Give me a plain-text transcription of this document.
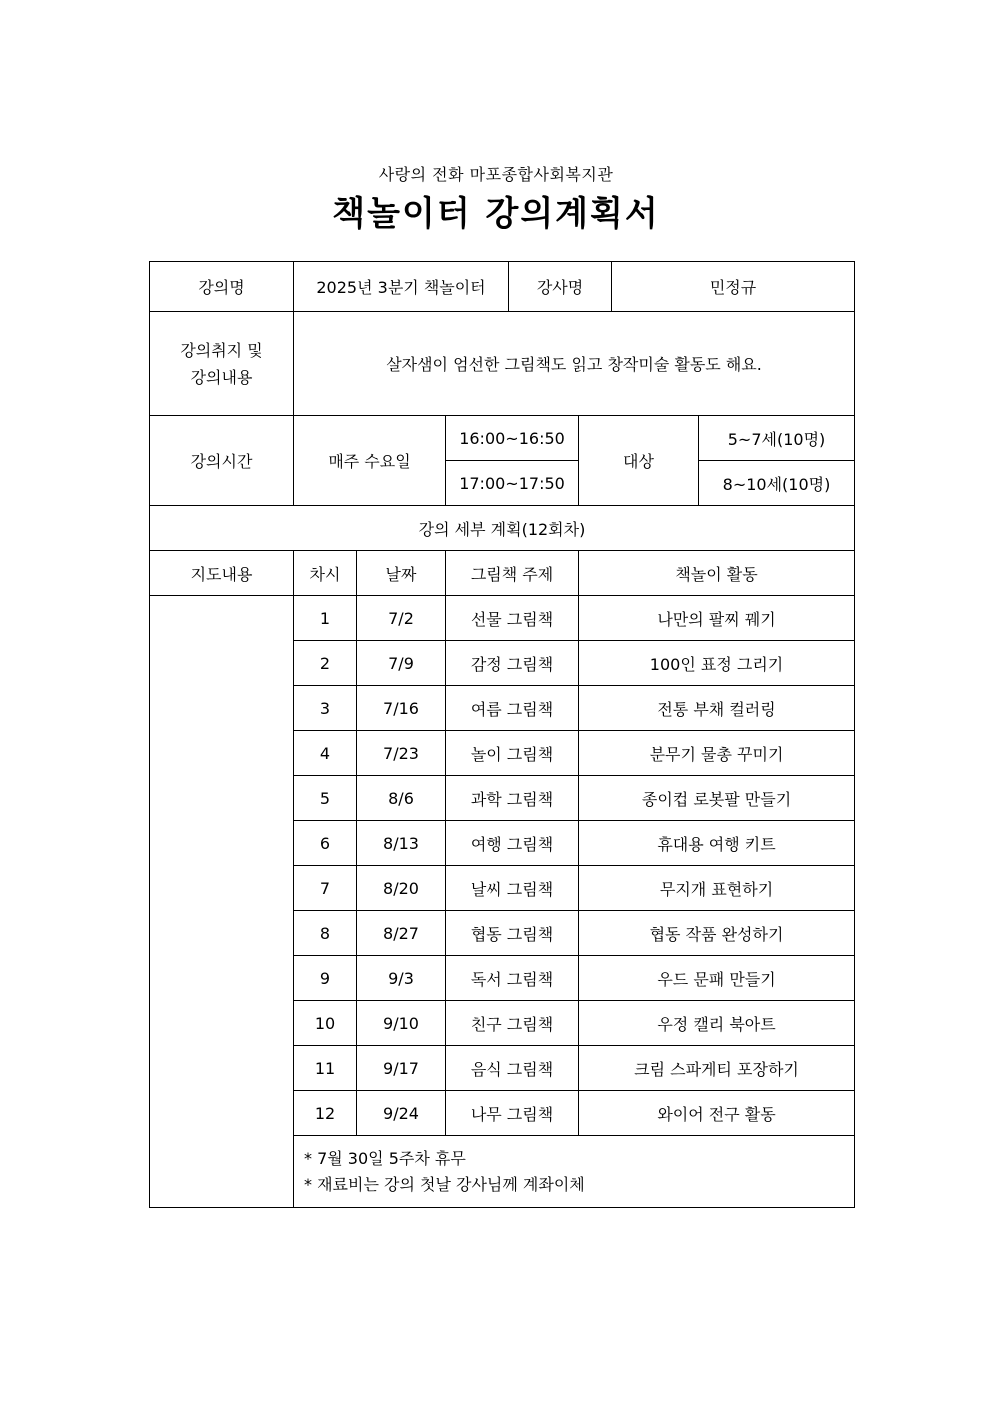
사랑의 전화 마포종합사회복지관
책놀이터 강의계획서
강의명	2025년 3분기 책놀이터			강사명		민정규	

강의취지 및
강의내용	살자샘이 엄선한 그림책도 읽고 창작미술 활동도 해요.						
강의시간	매주 수요일		16:00~16:50		대상		5~7세(10명)
			17:00~17:50				8~10세(10명)
강의 세부 계획(12회차)							
지도내용	차시	날짜	그림책 주제		책놀이 활동		
	1	7/2	선물 그림책		나만의 팔찌 꿰기		
	2	7/9	감정 그림책		100인 표정 그리기		
	3	7/16	여름 그림책		전통 부채 컬러링		
	4	7/23	놀이 그림책		분무기 물총 꾸미기		
	5	8/6	과학 그림책		종이컵 로봇팔 만들기		
	6	8/13	여행 그림책		휴대용 여행 키트		
	7	8/20	날씨 그림책		무지개 표현하기		
	8	8/27	협동 그림책		협동 작품 완성하기		
	9	9/3	독서 그림책		우드 문패 만들기		
	10	9/10	친구 그림책		우정 캘리 북아트		
	11	9/17	음식 그림책		크림 스파게티 포장하기		
	12	9/24	나무 그림책		와이어 전구 활동		

	* 7월 30일 5주차 휴무
* 재료비는 강의 첫날 강사님께 계좌이체						
